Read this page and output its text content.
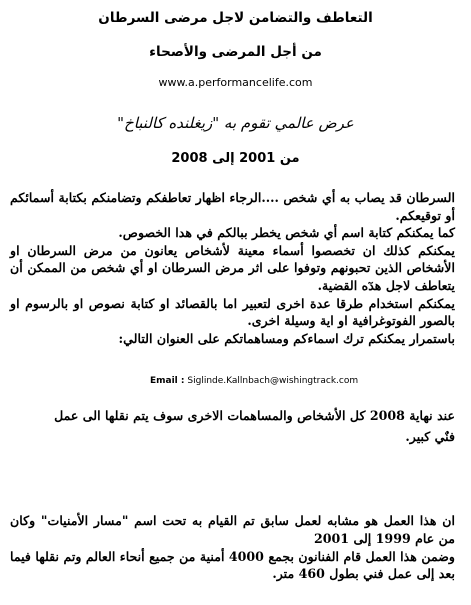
التعاطف والتضامن لاجل مرضى السرطان
من أجل المرضى والأصحاء
www.a.performancelife.com
عرض عالمي تقوم به "زيغلنده كالنباخ"
من 2001 إلى 2008

السرطان قد يصاب به أي شخص ....الرجاء اظهار تعاطفكم وتضامنكم بكتابة أسمائكم أو توقيعكم.

كما يمكنكم كتابة اسم أي شخص يخطر ببالكم في هدا الخصوص.

يمكنكم كذلك ان تخصصوا أسماء معينة لأشخاص يعانون من مرض السرطان او الأشخاص الذين تحبونهم وتوفوا على اثر مرض السرطان او أي شخص من الممكن أن يتعاطف لاجل هدٓه القضية.

يمكنكم استخدام طرقا عدة اخرى لتعبير اما بالقصائد او كتابة نصوص او بالرسوم او بالصور الفوتوغرافية او اية وسيلة اخرى.

باستمرار يمكنكم ترك اسماءكم ومساهماتكم على العنوان التالي:

Email : Siglinde.Kallnbach@wishingtrack.com
عند نهاية 2008 كل الأشخاص والمساهمات الاخرى سوف يتم نقلها الى عمل فنٌي كبير.

ان هذا العمل هو مشابه لعمل سابق تم القيام به تحت اسم "مسار الأمنيات" وكان من عام 1999 إلى 2001

وضمن هذا العمل قام الفنانون بجمع 4000 أمنية من جميع أنحاء العالم وتم نقلها فيما بعد إلى عمل فني بطول 460 متر.
